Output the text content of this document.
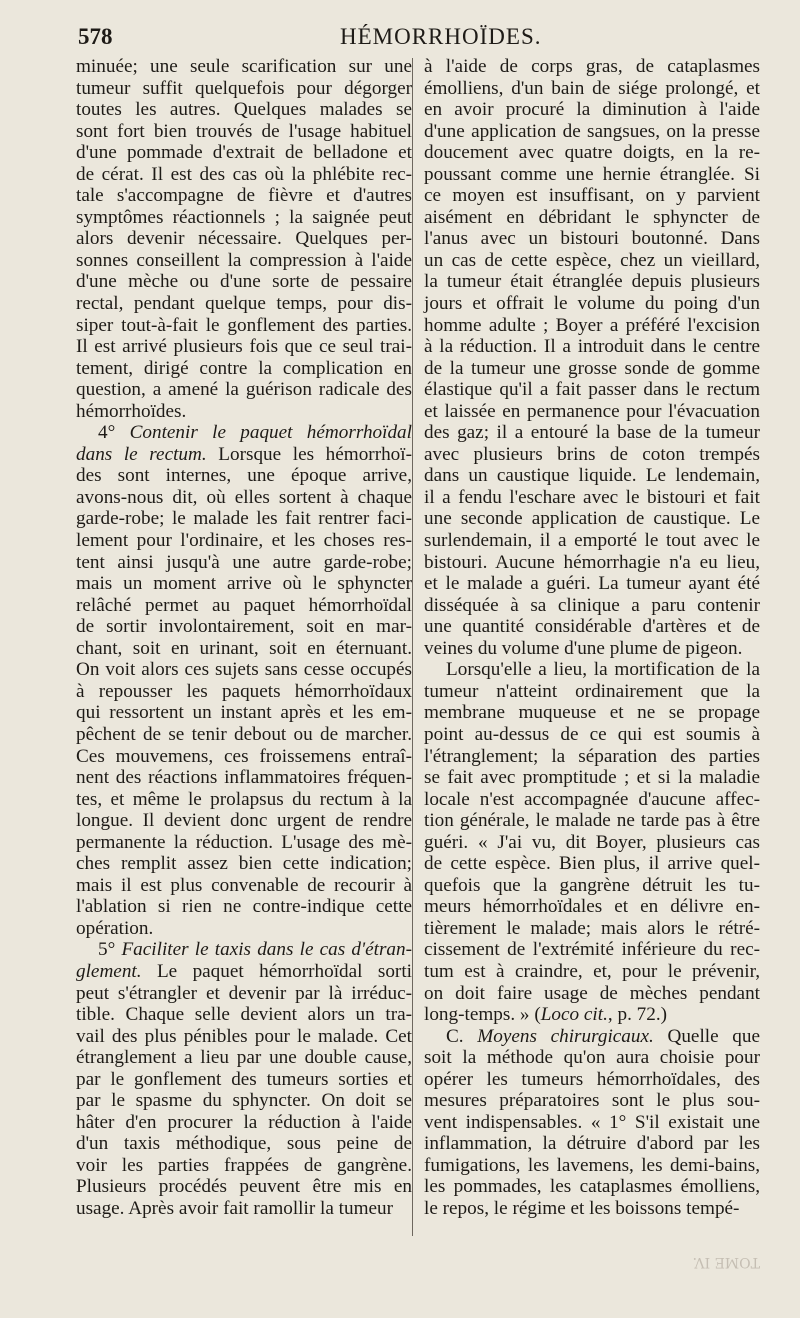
578	HÉMORRHOÏDES.
minuée; une seule scarification sur une
tumeur suffit quelquefois pour dégorger
toutes les autres. Quelques malades se
sont fort bien trouvés de l'usage habituel
d'une pommade d'extrait de belladone et
de cérat. Il est des cas où la phlébite rec-
tale s'accompagne de fièvre et d'autres
symptômes réactionnels ; la saignée peut
alors devenir nécessaire. Quelques per-
sonnes conseillent la compression à l'aide
d'une mèche ou d'une sorte de pessaire
rectal, pendant quelque temps, pour dis-
siper tout-à-fait le gonflement des parties.
Il est arrivé plusieurs fois que ce seul trai-
tement, dirigé contre la complication en
question, a amené la guérison radicale des
hémorrhoïdes.
4° Contenir le paquet hémorrhoïdal
dans le rectum. Lorsque les hémorrhoï-
des sont internes, une époque arrive,
avons-nous dit, où elles sortent à chaque
garde-robe; le malade les fait rentrer faci-
lement pour l'ordinaire, et les choses res-
tent ainsi jusqu'à une autre garde-robe;
mais un moment arrive où le sphyncter
relâché permet au paquet hémorrhoïdal
de sortir involontairement, soit en mar-
chant, soit en urinant, soit en éternuant.
On voit alors ces sujets sans cesse occupés
à repousser les paquets hémorrhoïdaux
qui ressortent un instant après et les em-
pêchent de se tenir debout ou de marcher.
Ces mouvemens, ces froissemens entraî-
nent des réactions inflammatoires fréquen-
tes, et même le prolapsus du rectum à la
longue. Il devient donc urgent de rendre
permanente la réduction. L'usage des mè-
ches remplit assez bien cette indication;
mais il est plus convenable de recourir à
l'ablation si rien ne contre-indique cette
opération.
5° Faciliter le taxis dans le cas d'étran-
glement. Le paquet hémorrhoïdal sorti
peut s'étrangler et devenir par là irréduc-
tible. Chaque selle devient alors un tra-
vail des plus pénibles pour le malade. Cet
étranglement a lieu par une double cause,
par le gonflement des tumeurs sorties et
par le spasme du sphyncter. On doit se
hâter d'en procurer la réduction à l'aide
d'un taxis méthodique, sous peine de
voir les parties frappées de gangrène.
Plusieurs procédés peuvent être mis en
usage. Après avoir fait ramollir la tumeur
à l'aide de corps gras, de cataplasmes
émolliens, d'un bain de siége prolongé, et
en avoir procuré la diminution à l'aide
d'une application de sangsues, on la presse
doucement avec quatre doigts, en la re-
poussant comme une hernie étranglée. Si
ce moyen est insuffisant, on y parvient
aisément en débridant le sphyncter de
l'anus avec un bistouri boutonné. Dans
un cas de cette espèce, chez un vieillard,
la tumeur était étranglée depuis plusieurs
jours et offrait le volume du poing d'un
homme adulte ; Boyer a préféré l'excision
à la réduction. Il a introduit dans le centre
de la tumeur une grosse sonde de gomme
élastique qu'il a fait passer dans le rectum
et laissée en permanence pour l'évacuation
des gaz; il a entouré la base de la tumeur
avec plusieurs brins de coton trempés
dans un caustique liquide. Le lendemain,
il a fendu l'eschare avec le bistouri et fait
une seconde application de caustique. Le
surlendemain, il a emporté le tout avec le
bistouri. Aucune hémorrhagie n'a eu lieu,
et le malade a guéri. La tumeur ayant été
disséquée à sa clinique a paru contenir
une quantité considérable d'artères et de
veines du volume d'une plume de pigeon.
Lorsqu'elle a lieu, la mortification de la
tumeur n'atteint ordinairement que la
membrane muqueuse et ne se propage
point au-dessus de ce qui est soumis à
l'étranglement; la séparation des parties
se fait avec promptitude ; et si la maladie
locale n'est accompagnée d'aucune affec-
tion générale, le malade ne tarde pas à être
guéri. « J'ai vu, dit Boyer, plusieurs cas
de cette espèce. Bien plus, il arrive quel-
quefois que la gangrène détruit les tu-
meurs hémorrhoïdales et en délivre en-
tièrement le malade; mais alors le rétré-
cissement de l'extrémité inférieure du rec-
tum est à craindre, et, pour le prévenir,
on doit faire usage de mèches pendant
long-temps. » (Loco cit., p. 72.)
C. Moyens chirurgicaux. Quelle que
soit la méthode qu'on aura choisie pour
opérer les tumeurs hémorrhoïdales, des
mesures préparatoires sont le plus sou-
vent indispensables. « 1° S'il existait une
inflammation, la détruire d'abord par les
fumigations, les lavemens, les demi-bains,
les pommades, les cataplasmes émolliens,
le repos, le régime et les boissons tempé-
TOME IV.
